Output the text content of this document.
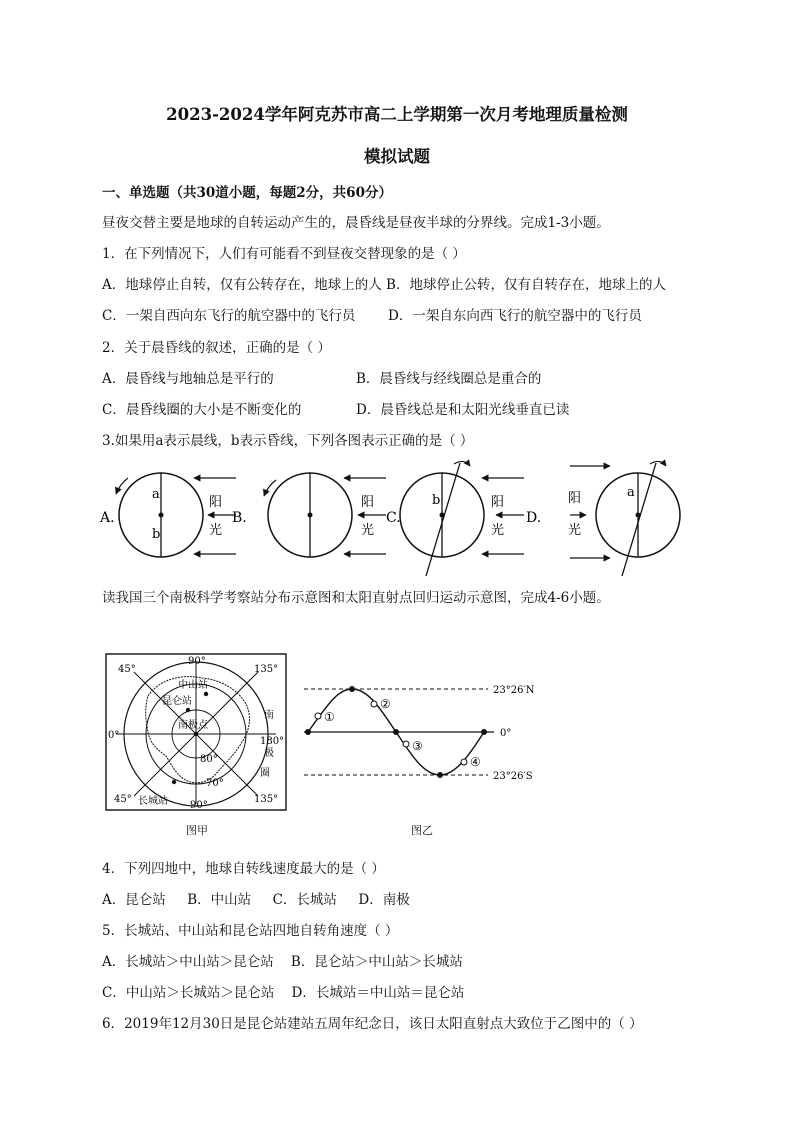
2023-2024学年阿克苏市高二上学期第一次月考地理质量检测
模拟试题
一、单选题（共30道小题，每题2分，共60分）
昼夜交替主要是地球的自转运动产生的，晨昏线是昼夜半球的分界线。完成1-3小题。
1．在下列情况下，人们有可能看不到昼夜交替现象的是（ ）
A．地球停止自转，仅有公转存在，地球上的人 B．地球停止公转，仅有自转存在，地球上的人
C．一架自西向东飞行的航空器中的飞行员 D．一架自东向西飞行的航空器中的飞行员
2．关于晨昏线的叙述，正确的是（ ）
A．晨昏线与地轴总是平行的	B．晨昏线与经线圈总是重合的
C．晨昏线圈的大小是不断变化的	D．晨昏线总是和太阳光线垂直已读
3.如果用a表示晨线，b表示昏线，下列各图表示正确的是（ ）
A.
a
b
阳
光
B.
阳
光
C.
b	阳
光
D.
阳
光
a
读我国三个南极科学考察站分布示意图和太阳直射点回归运动示意图，完成4-6小题。
90°
45°	135°
0°
180°
45°	135°
90°
80°
70°
中山站
昆仑站
南极点
长城站
南
极
圈
图甲
①
②
③
④
23°26′N
0°
23°26′S
图乙
4．下列四地中，地球自转线速度最大的是（ ）
A．昆仑站     B．中山站     C．长城站     D．南极
5．长城站、中山站和昆仑站四地自转角速度（ ）
A．长城站＞中山站＞昆仑站    B．昆仑站＞中山站＞长城站
C．中山站＞长城站＞昆仑站    D．长城站＝中山站＝昆仑站
6．2019年12月30日是昆仑站建站五周年纪念日，该日太阳直射点大致位于乙图中的（ ）
